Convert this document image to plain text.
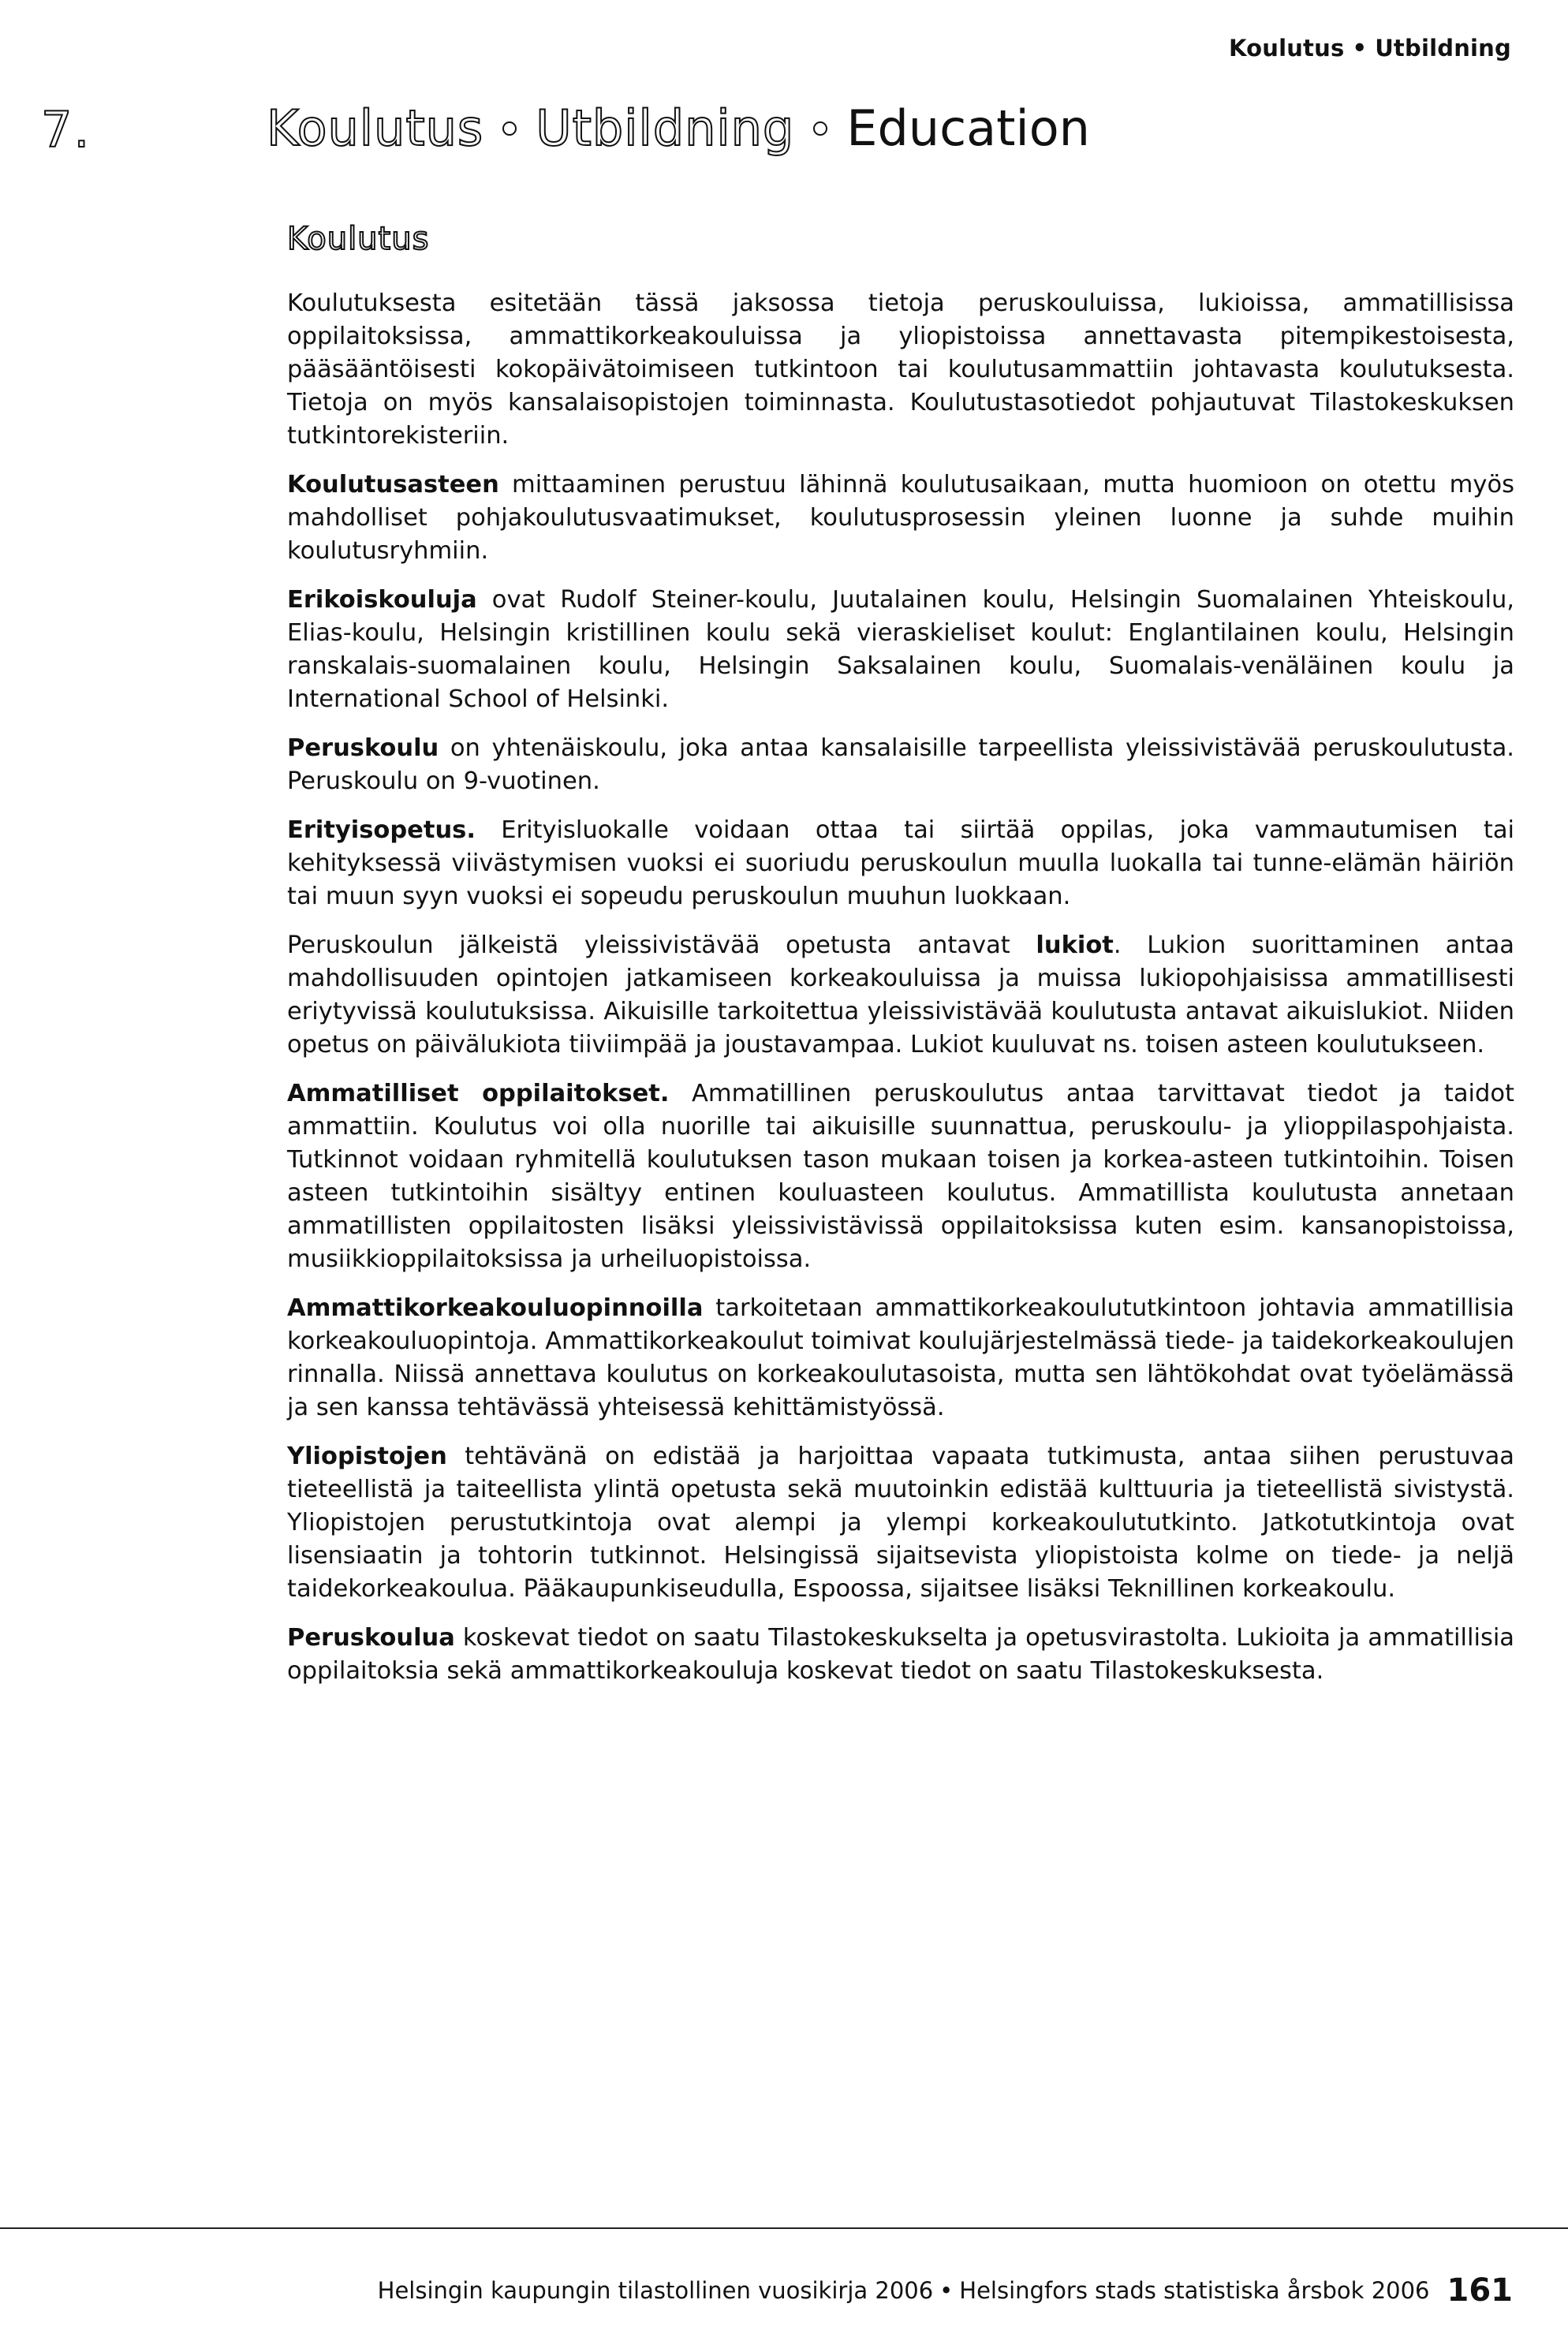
Koulutus • Utbildning
7.	Koulutus Utbildning Education
Koulutus

Koulutuksesta esitetään tässä jaksossa tietoja peruskouluissa, lukioissa, ammatillisissa oppilaitoksissa, ammattikorkeakouluissa ja yliopistoissa annettavasta pitempikestoisesta, pääsääntöisesti kokopäivätoimiseen tutkintoon tai koulutusammattiin johtavasta koulutuksesta. Tietoja on myös kansalaisopistojen toiminnasta. Koulutustasotiedot pohjautuvat Tilastokeskuksen tutkintorekisteriin.

Koulutusasteen mittaaminen perustuu lähinnä koulutusaikaan, mutta huomioon on otettu myös mahdolliset pohjakoulutusvaatimukset, koulutusprosessin yleinen luonne ja suhde muihin koulutusryhmiin.

Erikoiskouluja ovat Rudolf Steiner-koulu, Juutalainen koulu, Helsingin Suomalainen Yhteiskoulu, Elias-koulu, Helsingin kristillinen koulu sekä vieraskieliset koulut: Englantilainen koulu, Helsingin ranskalais-suomalainen koulu, Helsingin Saksalainen koulu, Suomalais-venäläinen koulu ja International School of Helsinki.

Peruskoulu on yhtenäiskoulu, joka antaa kansalaisille tarpeellista yleissivistävää peruskoulutusta. Peruskoulu on 9-vuotinen.

Erityisopetus. Erityisluokalle voidaan ottaa tai siirtää oppilas, joka vammautumisen tai kehityksessä viivästymisen vuoksi ei suoriudu peruskoulun muulla luokalla tai tunne-elämän häiriön tai muun syyn vuoksi ei sopeudu peruskoulun muuhun luokkaan.

Peruskoulun jälkeistä yleissivistävää opetusta antavat lukiot. Lukion suorittaminen antaa mahdollisuuden opintojen jatkamiseen korkeakouluissa ja muissa lukiopohjaisissa ammatillisesti eriytyvissä koulutuksissa. Aikuisille tarkoitettua yleissivistävää koulutusta antavat aikuislukiot. Niiden opetus on päivälukiota tiiviimpää ja joustavampaa. Lukiot kuuluvat ns. toisen asteen koulutukseen.

Ammatilliset oppilaitokset. Ammatillinen peruskoulutus antaa tarvittavat tiedot ja taidot ammattiin. Koulutus voi olla nuorille tai aikuisille suunnattua, peruskoulu- ja ylioppilaspohjaista. Tutkinnot voidaan ryhmitellä koulutuksen tason mukaan toisen ja korkea-asteen tutkintoihin. Toisen asteen tutkintoihin sisältyy entinen kouluasteen koulutus. Ammatillista koulutusta annetaan ammatillisten oppilaitosten lisäksi yleissivistävissä oppilaitoksissa kuten esim. kansanopistoissa, musiikkioppilaitoksissa ja urheiluopistoissa.

Ammattikorkeakouluopinnoilla tarkoitetaan ammattikorkeakoulututkintoon johtavia ammatillisia korkeakouluopintoja. Ammattikorkeakoulut toimivat koulujärjestelmässä tiede- ja taidekorkeakoulujen rinnalla. Niissä annettava koulutus on korkeakoulutasoista, mutta sen lähtökohdat ovat työelämässä ja sen kanssa tehtävässä yhteisessä kehittämistyössä.

Yliopistojen tehtävänä on edistää ja harjoittaa vapaata tutkimusta, antaa siihen perustuvaa tieteellistä ja taiteellista ylintä opetusta sekä muutoinkin edistää kulttuuria ja tieteellistä sivistystä. Yliopistojen perustutkintoja ovat alempi ja ylempi korkeakoulututkinto. Jatkotutkintoja ovat lisensiaatin ja tohtorin tutkinnot. Helsingissä sijaitsevista yliopistoista kolme on tiede- ja neljä taidekorkeakoulua. Pääkaupunkiseudulla, Espoossa, sijaitsee lisäksi Teknillinen korkeakoulu.

Peruskoulua koskevat tiedot on saatu Tilastokeskukselta ja opetusvirastolta. Lukioita ja ammatillisia oppilaitoksia sekä ammattikorkeakouluja koskevat tiedot on saatu Tilastokeskuksesta.

Helsingin kaupungin tilastollinen vuosikirja 2006 • Helsingfors stads statistiska årsbok 2006 161
